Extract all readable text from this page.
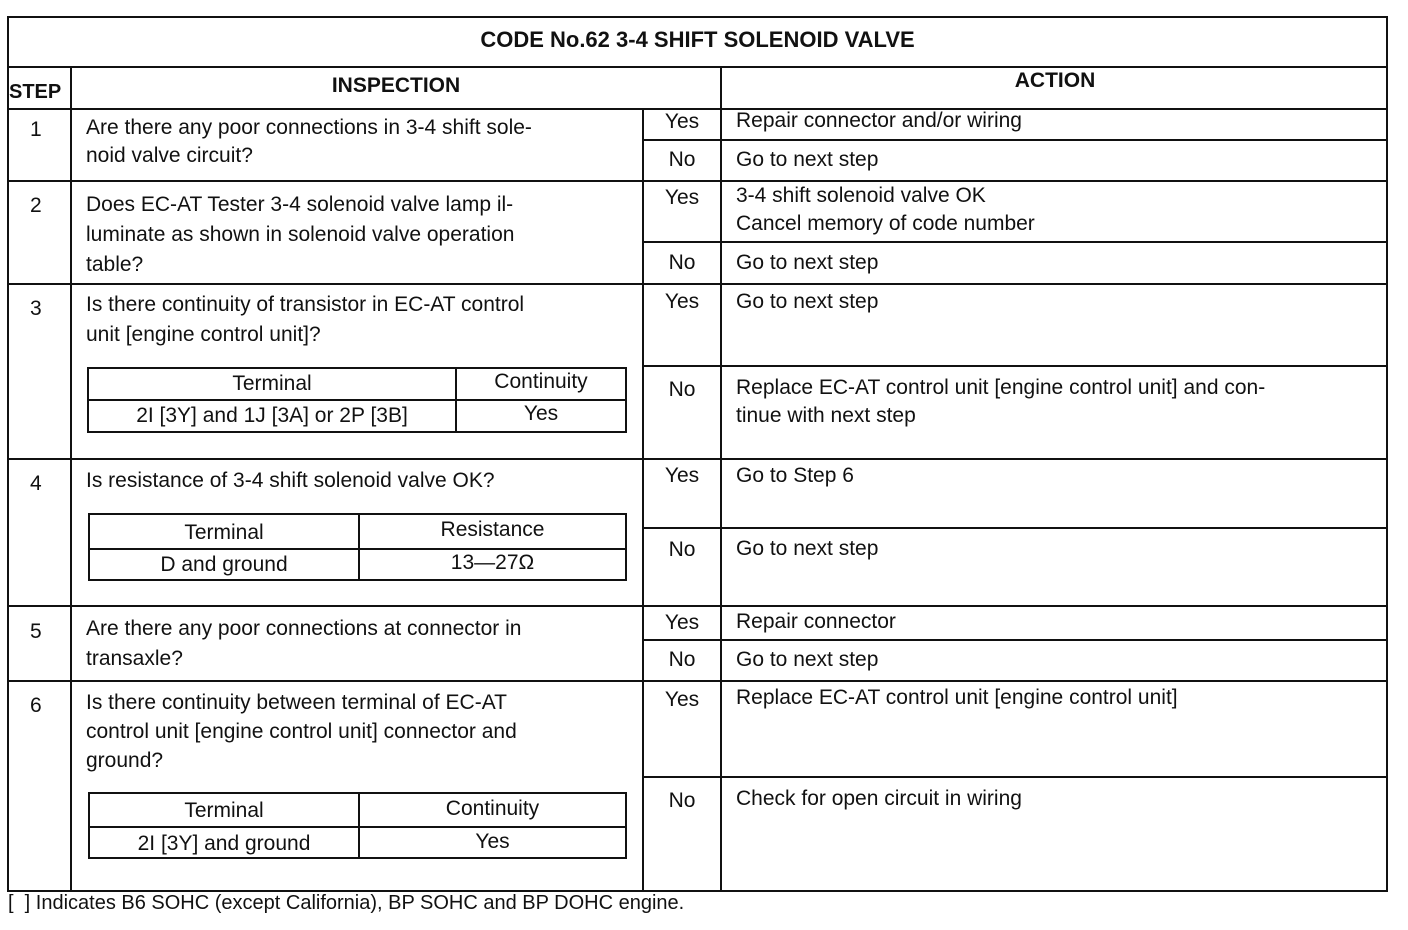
CODE No.62 3-4 SHIFT SOLENOID VALVE
STEP	INSPECTION	ACTION
1 Are there any poor connections in 3-4 shift sole-
noid valve circuit?
Yes	Repair connector and/or wiring
No	Go to next step
2 Does EC-AT Tester 3-4 solenoid valve lamp il-
luminate as shown in solenoid valve operation
table?
Yes	3-4 shift solenoid valve OK
Cancel memory of code number
No	Go to next step
3 Is there continuity of transistor in EC-AT control
unit [engine control unit]?
Terminal	Continuity
2I [3Y] and 1J [3A] or 2P [3B]	Yes
Yes	Go to next step
No	Replace EC-AT control unit [engine control unit] and con-
tinue with next step
4 Is resistance of 3-4 shift solenoid valve OK?
Terminal	Resistance
D and ground	13—27Ω
Yes	Go to Step 6
No	Go to next step
5 Are there any poor connections at connector in
transaxle?
Yes	Repair connector
No	Go to next step
6 Is there continuity between terminal of EC-AT
control unit [engine control unit] connector and
ground?
Terminal	Continuity
2I [3Y] and ground	Yes
Yes	Replace EC-AT control unit [engine control unit]
No	Check for open circuit in wiring
[  ] Indicates B6 SOHC (except California), BP SOHC and BP DOHC engine.
